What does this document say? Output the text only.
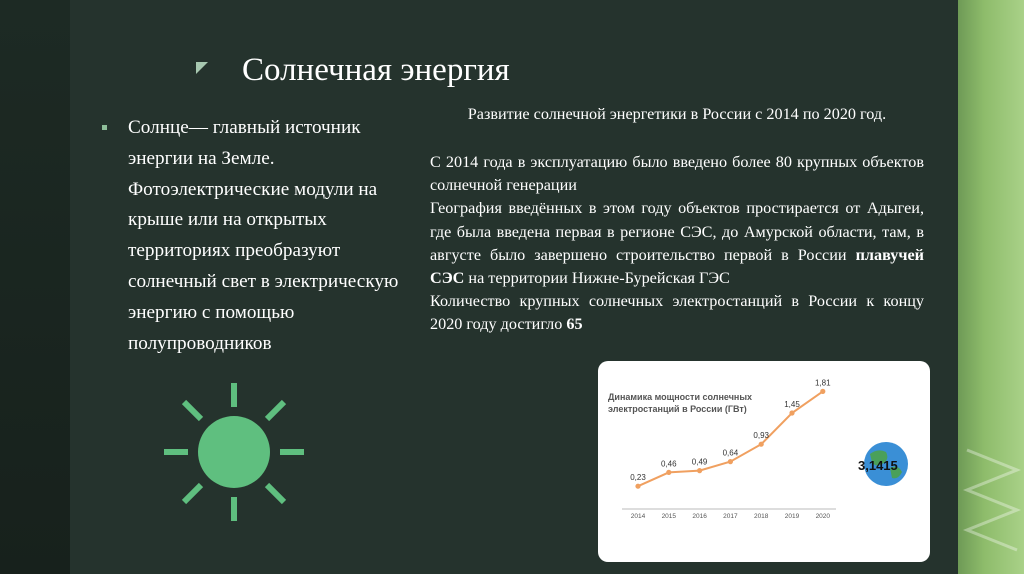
Солнечная энергия
Солнце— главный источник энергии на Земле. Фотоэлектрические модули на крыше или на открытых территориях преобразуют солнечный свет в электрическую энергию с помощью полупроводников
Развитие солнечной энергетики в России с 2014 по 2020 год.

С 2014 года в эксплуатацию было введено более 80 крупных объектов солнечной генерации

География введённых в этом году объектов простирается от Адыгеи, где была введена первая в регионе СЭС, до Амурской области, там, в августе было завершено строительство первой в России плавучей СЭС на территории Нижне-Бурейская ГЭС

Количество крупных солнечных электростанций в России к концу 2020 году достигло 65

Динамика мощности солнечных электростанций в России (ГВт)
0,23
2014
0,46
2015
0,49
2016
0,64
2017
0,93
2018
1,45
2019
1,81
2020
3,1415
